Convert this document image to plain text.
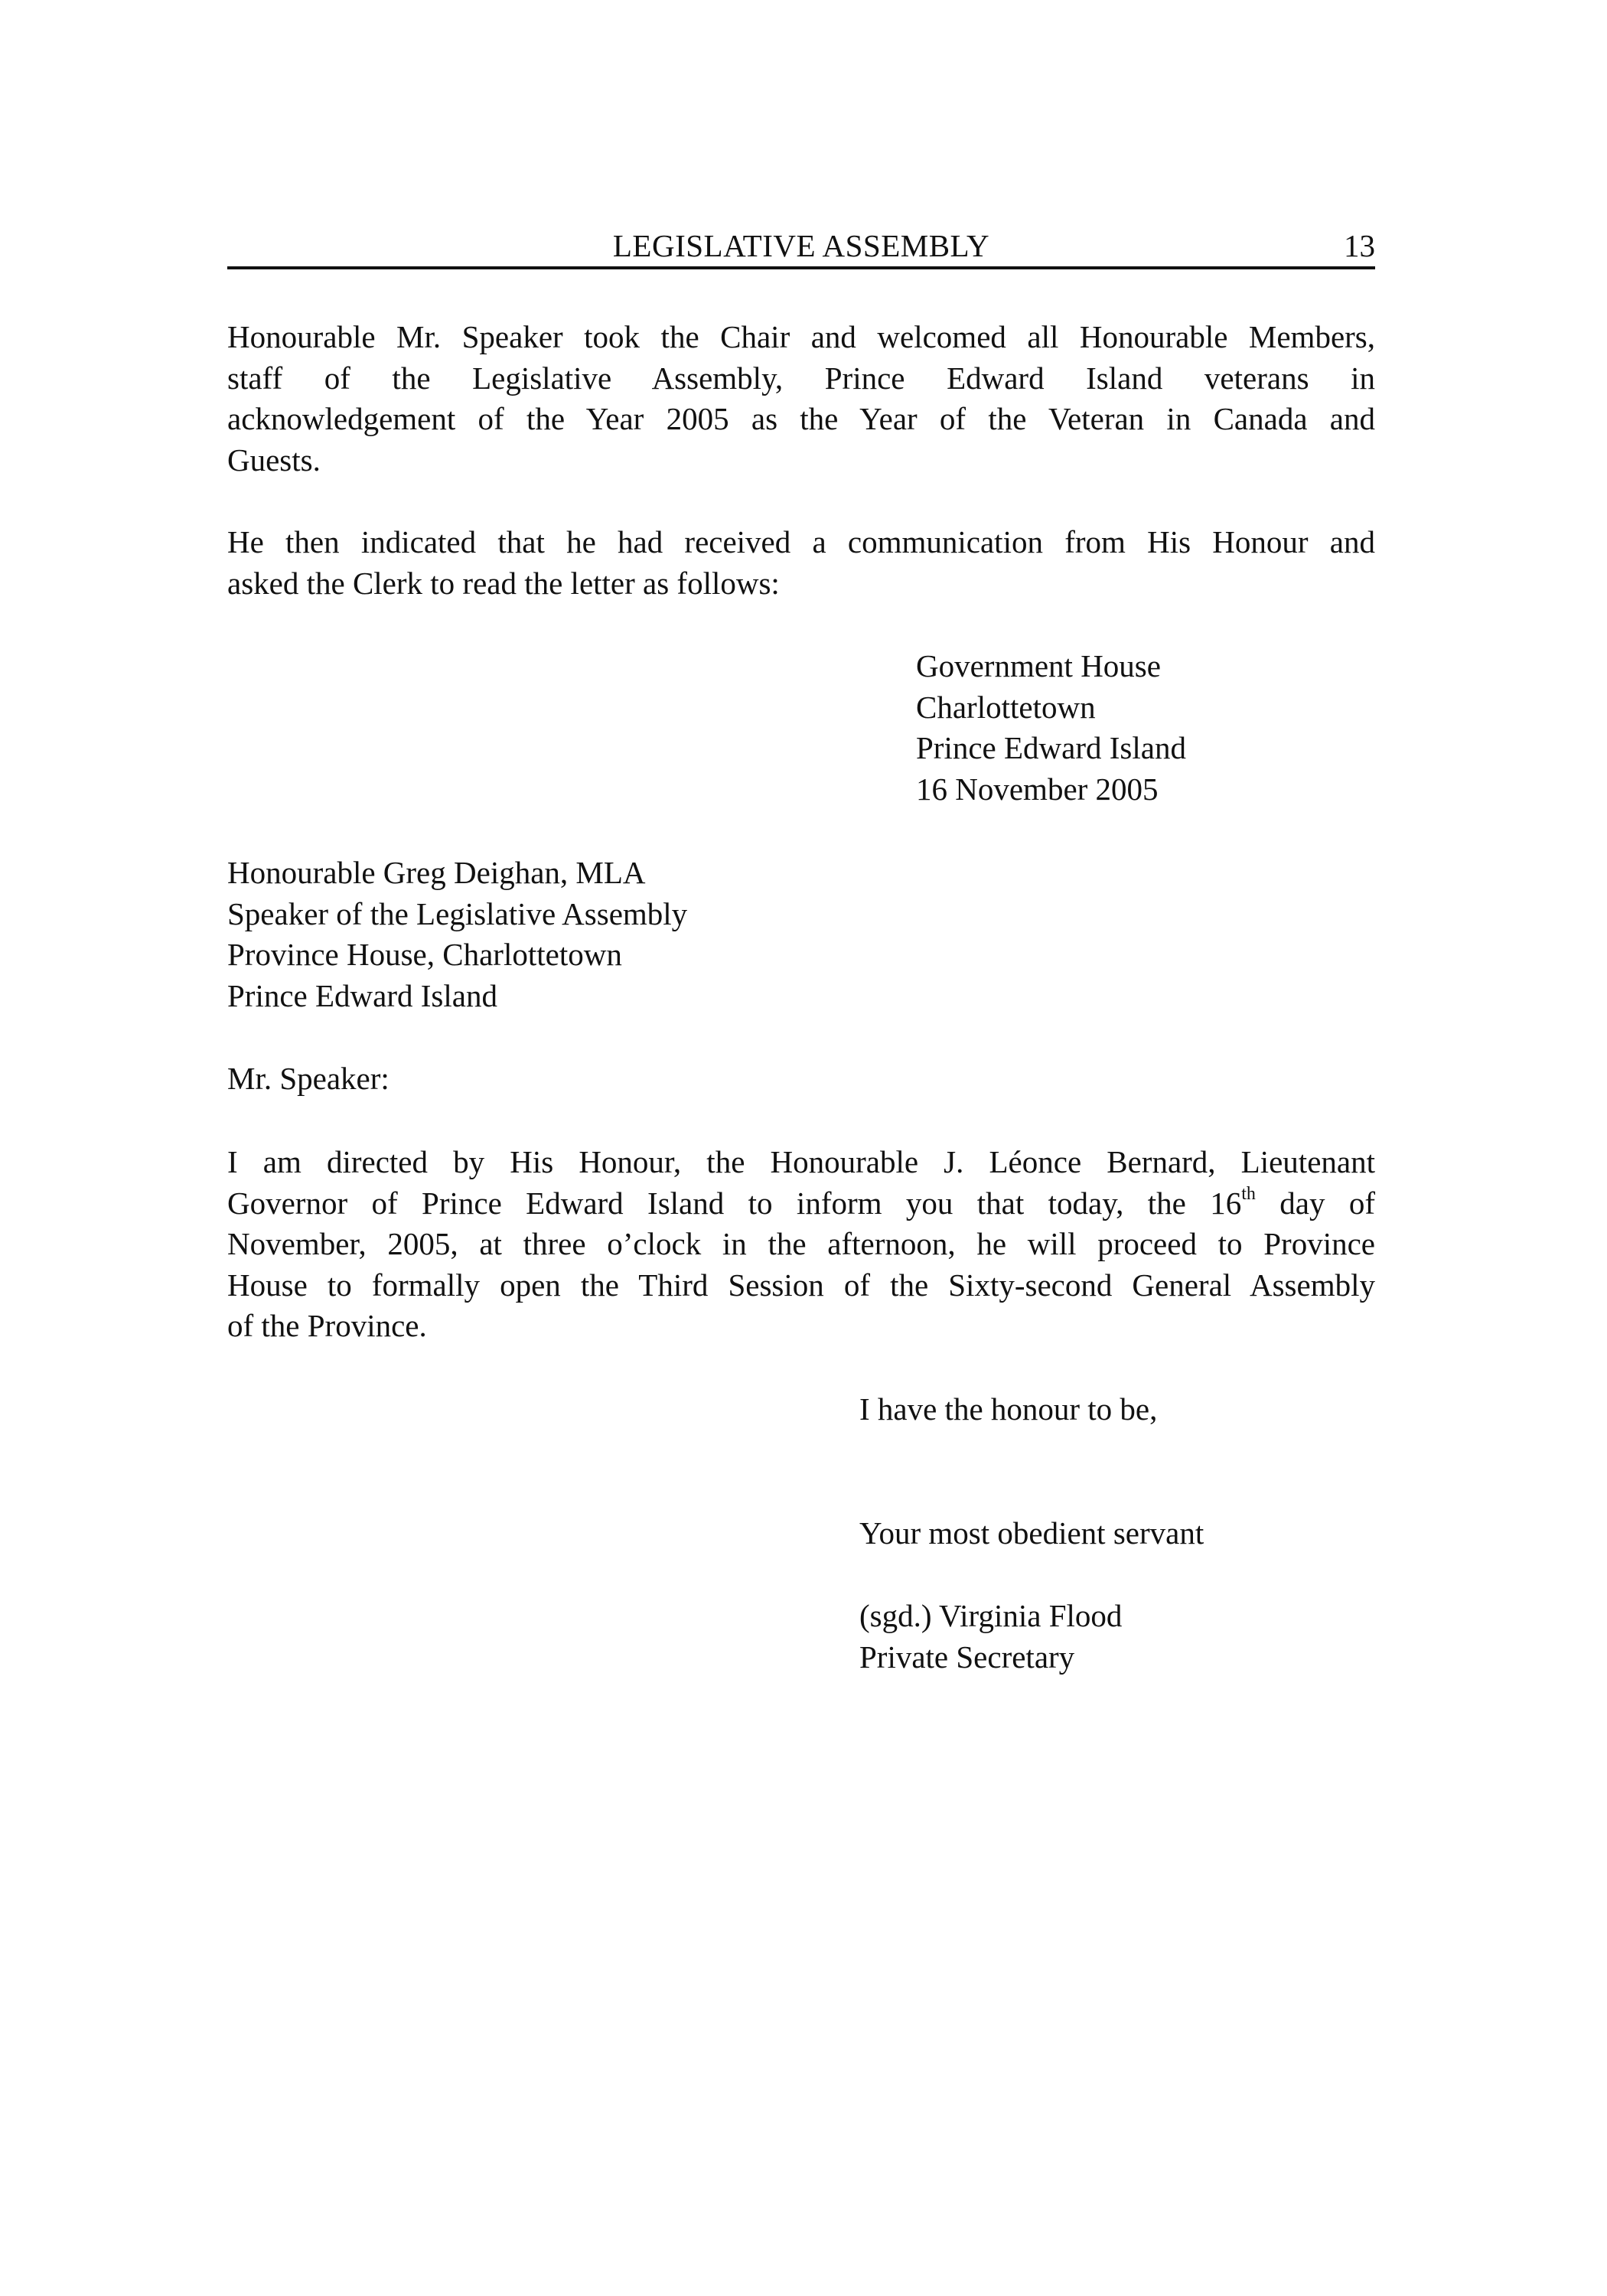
LEGISLATIVE ASSEMBLY	13
Honourable Mr. Speaker took the Chair and welcomed all Honourable Members,
staff of the Legislative Assembly, Prince Edward Island veterans in
acknowledgement of the Year 2005 as the Year of the Veteran in Canada and
Guests.
He then indicated that he had received a communication from His Honour and
asked the Clerk to read the letter as follows:
Government House
Charlottetown
Prince Edward Island
16 November 2005
Honourable Greg Deighan, MLA
Speaker of the Legislative Assembly
Province House, Charlottetown
Prince Edward Island
Mr. Speaker:
I am directed by His Honour, the Honourable J. Léonce Bernard, Lieutenant
Governor of Prince Edward Island to inform you that today, the 16th day of
November, 2005, at three o’clock in the afternoon, he will proceed to Province
House to formally open the Third Session of the Sixty-second General Assembly
of the Province.
I have the honour to be,
Your most obedient servant
(sgd.) Virginia Flood
Private Secretary
